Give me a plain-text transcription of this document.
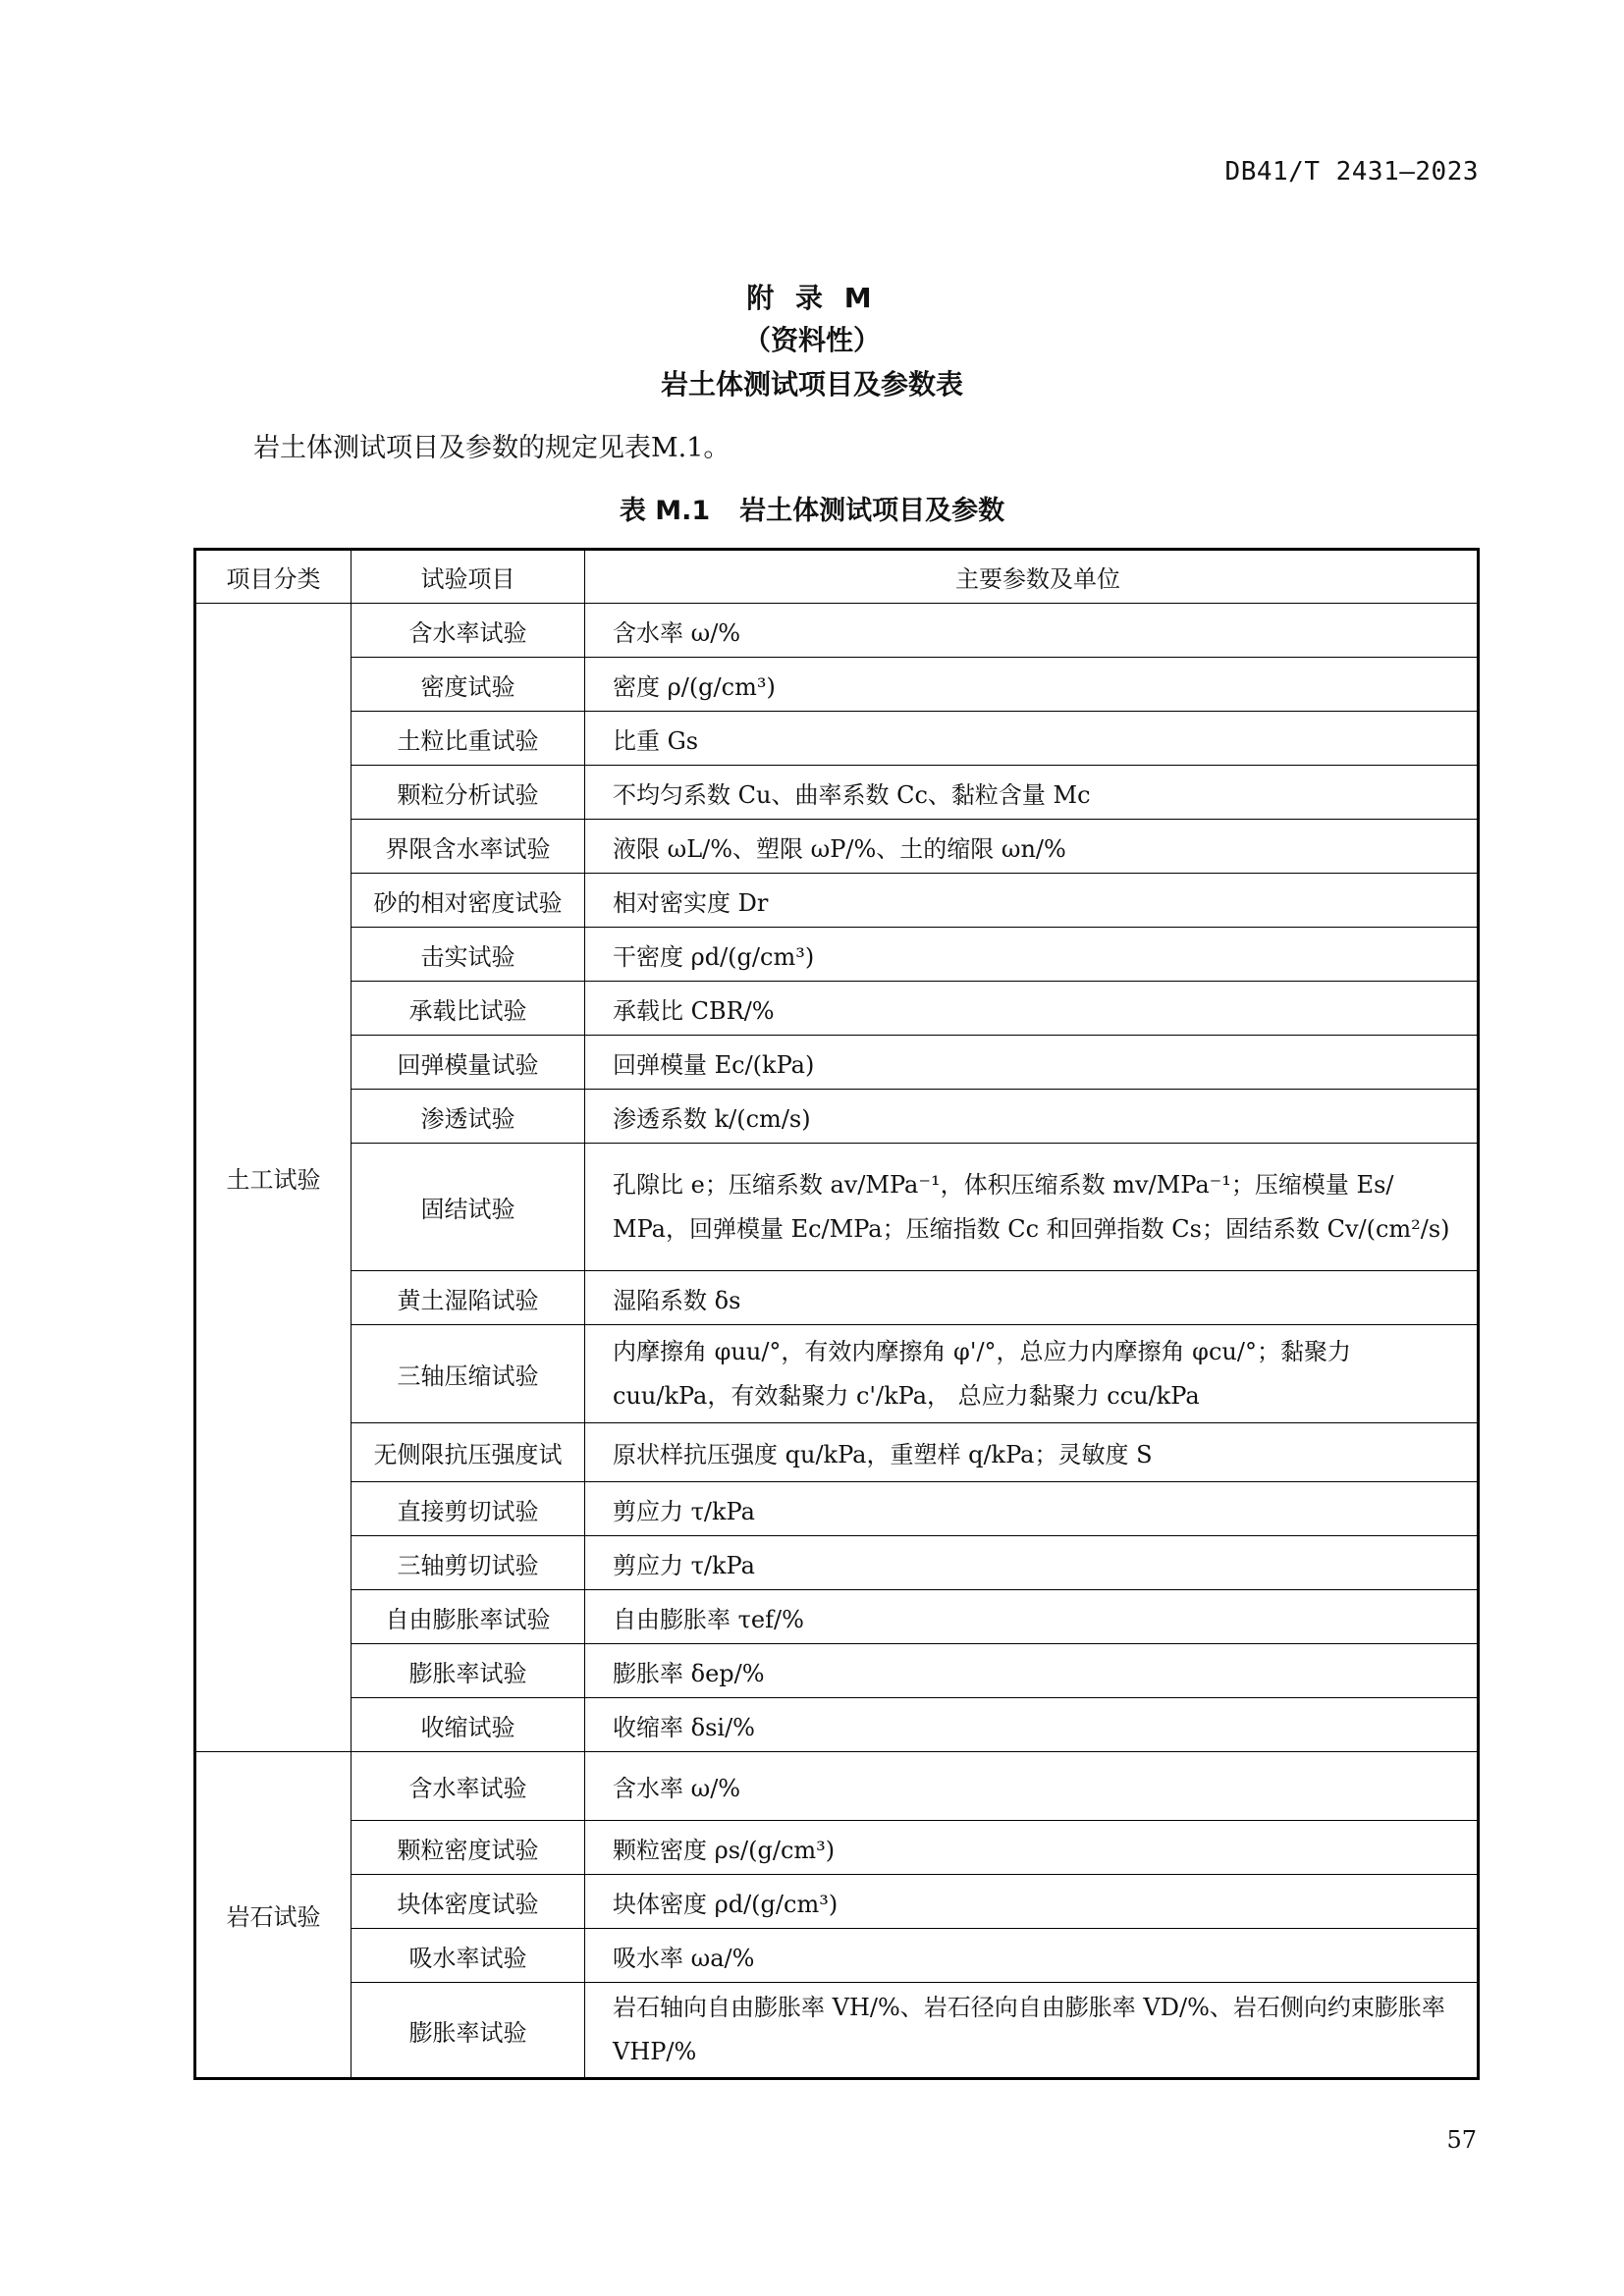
DB41/T 2431—2023
附 录 M
（资料性）
岩土体测试项目及参数表
岩土体测试项目及参数的规定见表M.1。
表 M.1 岩土体测试项目及参数
项目分类	试验项目	主要参数及单位
土工试验	含水率试验	含水率 ω/%
	密度试验	密度 ρ/(g/cm³)
	土粒比重试验	比重 Gs
	颗粒分析试验	不均匀系数 Cu、曲率系数 Cc、黏粒含量 Mc
	界限含水率试验	液限 ωL/%、塑限 ωP/%、土的缩限 ωn/%
	砂的相对密度试验	相对密实度 Dr
	击实试验	干密度 ρd/(g/cm³)
	承载比试验	承载比 CBR/%
	回弹模量试验	回弹模量 Ec/(kPa)
	渗透试验	渗透系数 k/(cm/s)
	固结试验	孔隙比 e；压缩系数 av/MPa⁻¹，体积压缩系数 mv/MPa⁻¹；压缩模量 Es/ MPa，回弹模量 Ec/MPa；压缩指数 Cc 和回弹指数 Cs；固结系数 Cv/(cm²/s)
	黄土湿陷试验	湿陷系数 δs
	三轴压缩试验	内摩擦角 φuu/°，有效内摩擦角 φ'/°，总应力内摩擦角 φcu/°；黏聚力 cuu/kPa，有效黏聚力 c'/kPa， 总应力黏聚力 ccu/kPa
	无侧限抗压强度试	原状样抗压强度 qu/kPa，重塑样 q/kPa；灵敏度 S
	直接剪切试验	剪应力 τ/kPa
	三轴剪切试验	剪应力 τ/kPa
	自由膨胀率试验	自由膨胀率 τef/%
	膨胀率试验	膨胀率 δep/%
	收缩试验	收缩率 δsi/%
岩石试验	含水率试验	含水率 ω/%
	颗粒密度试验	颗粒密度 ρs/(g/cm³)
	块体密度试验	块体密度 ρd/(g/cm³)
	吸水率试验	吸水率 ωa/%
	膨胀率试验	岩石轴向自由膨胀率 VH/%、岩石径向自由膨胀率 VD/%、岩石侧向约束膨胀率 VHP/%
57
